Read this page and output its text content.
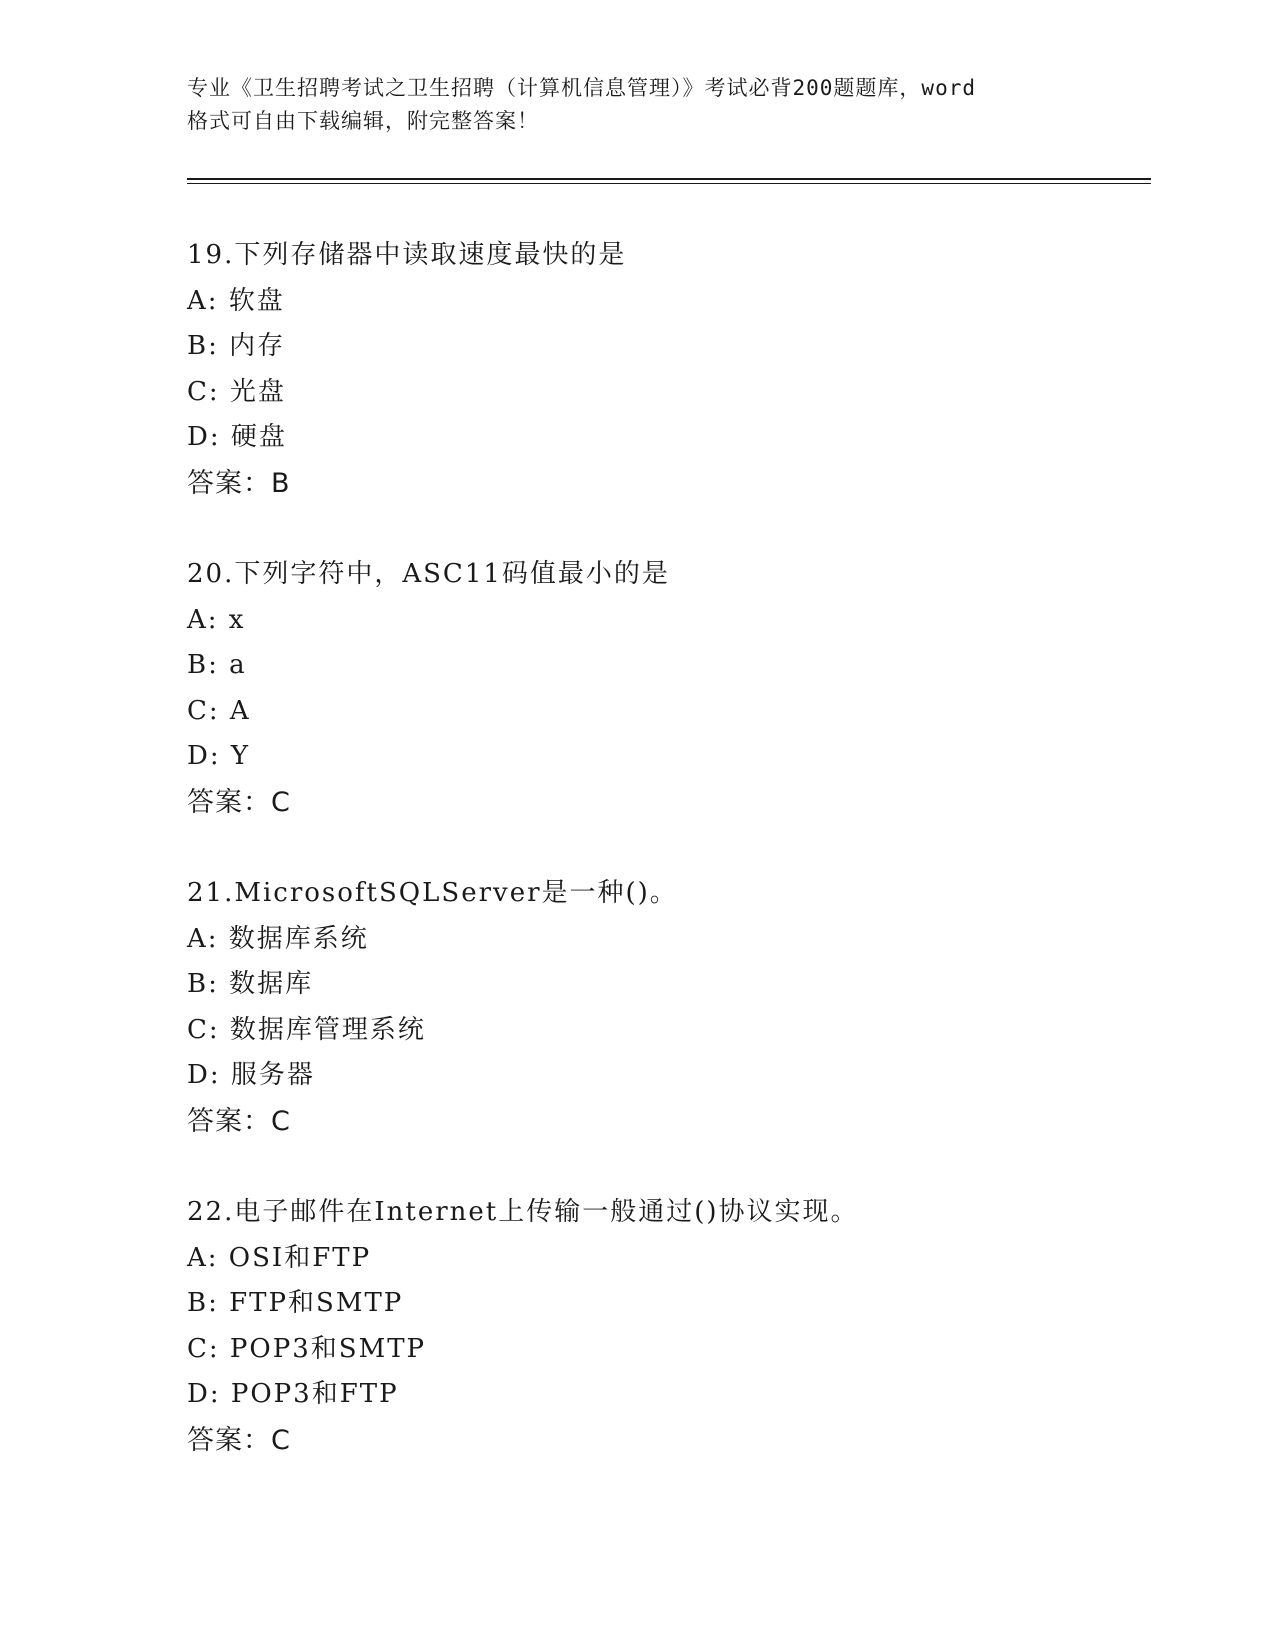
专业《卫生招聘考试之卫生招聘（计算机信息管理）》考试必背200题题库，word
格式可自由下载编辑，附完整答案！
19.下列存储器中读取速度最快的是
A: 软盘
B: 内存
C: 光盘
D: 硬盘
答案：B
20.下列字符中，ASC11码值最小的是
A: x
B: a
C: A
D: Y
答案：C
21.MicrosoftSQLServer是一种()。
A: 数据库系统
B: 数据库
C: 数据库管理系统
D: 服务器
答案：C
22.电子邮件在Internet上传输一般通过()协议实现。
A: OSI和FTP
B: FTP和SMTP
C: POP3和SMTP
D: POP3和FTP
答案：C
